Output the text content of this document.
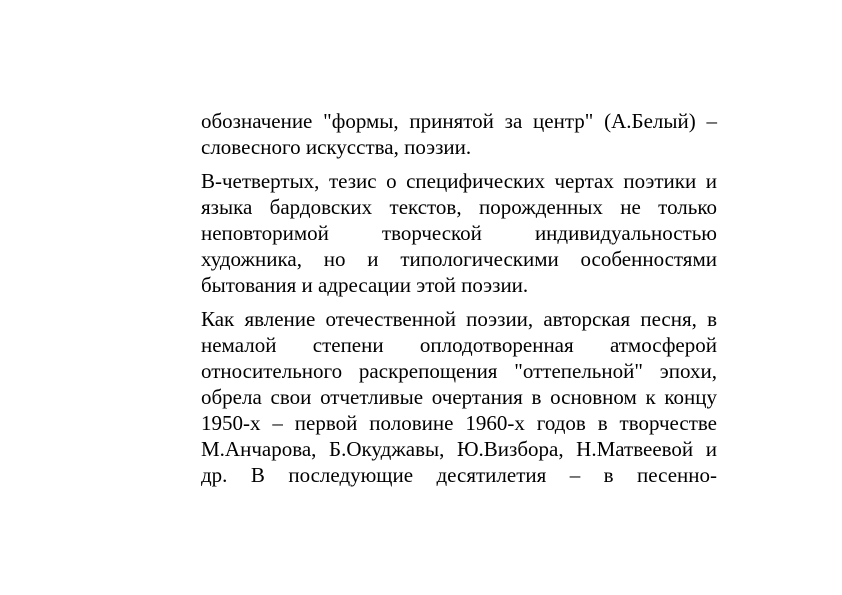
обозначение "формы, принятой за центр" (А.Белый) –
словесного искусства, поэзии.
В-четвертых, тезис о специфических чертах поэтики и
языка бардовских текстов, порожденных не только
неповторимой творческой индивидуальностью
художника, но и типологическими особенностями
бытования и адресации этой поэзии.
Как явление отечественной поэзии, авторская песня, в
немалой степени оплодотворенная атмосферой
относительного раскрепощения "оттепельной" эпохи,
обрела свои отчетливые очертания в основном к концу
1950-х – первой половине 1960-х годов в творчестве
М.Анчарова, Б.Окуджавы, Ю.Визбора, Н.Матвеевой и
др. В последующие десятилетия – в песенно-
